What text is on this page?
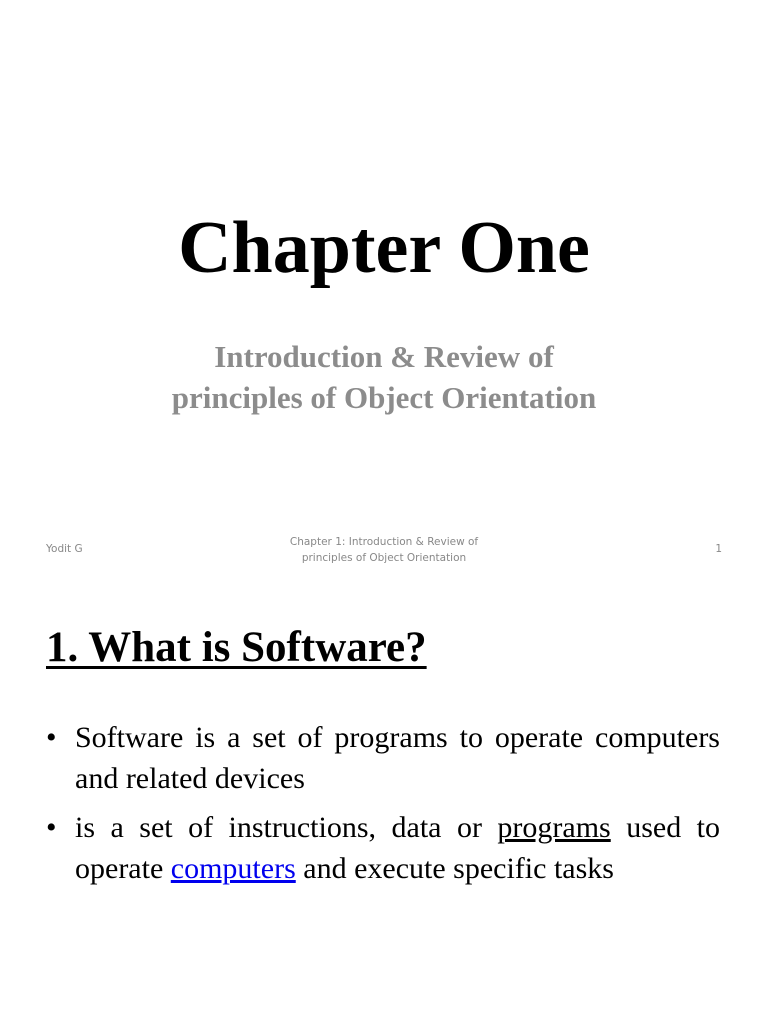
Chapter One
Introduction & Review of
principles of Object Orientation
Yodit G
Chapter 1: Introduction & Review of
principles of Object Orientation
1
1. What is Software?
• Software is a set of programs to operate computers and related devices
• is a set of instructions, data or programs used to operate computers and execute specific tasks
